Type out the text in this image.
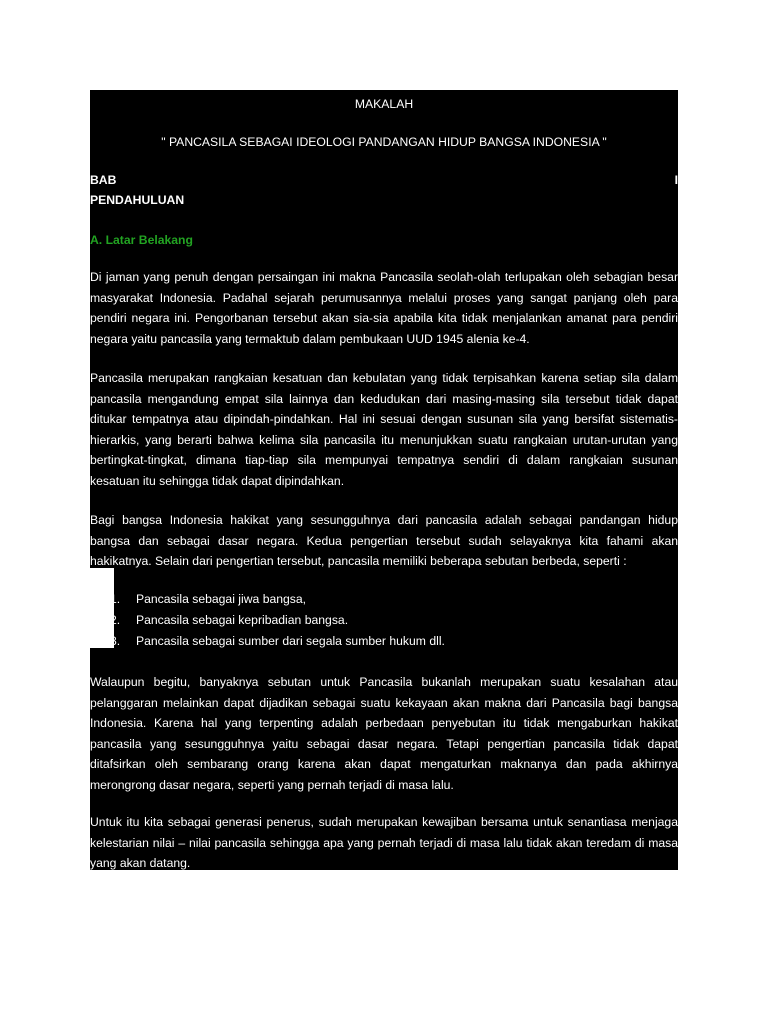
MAKALAH
" PANCASILA SEBAGAI IDEOLOGI PANDANGAN HIDUP BANGSA INDONESIA "
BAB	I
PENDAHULUAN
A. Latar Belakang
Di jaman yang penuh dengan persaingan ini makna Pancasila seolah-olah terlupakan oleh sebagian besar
masyarakat Indonesia. Padahal sejarah perumusannya melalui proses yang sangat panjang oleh para
pendiri negara ini. Pengorbanan tersebut akan sia-sia apabila kita tidak menjalankan amanat para pendiri
negara yaitu pancasila yang termaktub dalam pembukaan UUD 1945 alenia ke-4.
Pancasila merupakan rangkaian kesatuan dan kebulatan yang tidak terpisahkan karena setiap sila dalam
pancasila mengandung empat sila lainnya dan kedudukan dari masing-masing sila tersebut tidak dapat
ditukar tempatnya atau dipindah-pindahkan. Hal ini sesuai dengan susunan sila yang bersifat sistematis-
hierarkis, yang berarti bahwa kelima sila pancasila itu menunjukkan suatu rangkaian urutan-urutan yang
bertingkat-tingkat, dimana tiap-tiap sila mempunyai tempatnya sendiri di dalam rangkaian susunan
kesatuan itu sehingga tidak dapat dipindahkan.
Bagi bangsa Indonesia hakikat yang sesungguhnya dari pancasila adalah sebagai pandangan hidup
bangsa dan sebagai dasar negara. Kedua pengertian tersebut sudah selayaknya kita fahami akan
hakikatnya. Selain dari pengertian tersebut, pancasila memiliki beberapa sebutan berbeda, seperti :
1. Pancasila sebagai jiwa bangsa,
2. Pancasila sebagai kepribadian bangsa.
3. Pancasila sebagai sumber dari segala sumber hukum dll.
Walaupun begitu, banyaknya sebutan untuk Pancasila bukanlah merupakan suatu kesalahan atau
pelanggaran melainkan dapat dijadikan sebagai suatu kekayaan akan makna dari Pancasila bagi bangsa
Indonesia. Karena hal yang terpenting adalah perbedaan penyebutan itu tidak mengaburkan hakikat
pancasila yang sesungguhnya yaitu sebagai dasar negara. Tetapi pengertian pancasila tidak dapat
ditafsirkan oleh sembarang orang karena akan dapat mengaturkan maknanya dan pada akhirnya
merongrong dasar negara, seperti yang pernah terjadi di masa lalu.
Untuk itu kita sebagai generasi penerus, sudah merupakan kewajiban bersama untuk senantiasa menjaga
kelestarian nilai – nilai pancasila sehingga apa yang pernah terjadi di masa lalu tidak akan teredam di masa
yang akan datang.
